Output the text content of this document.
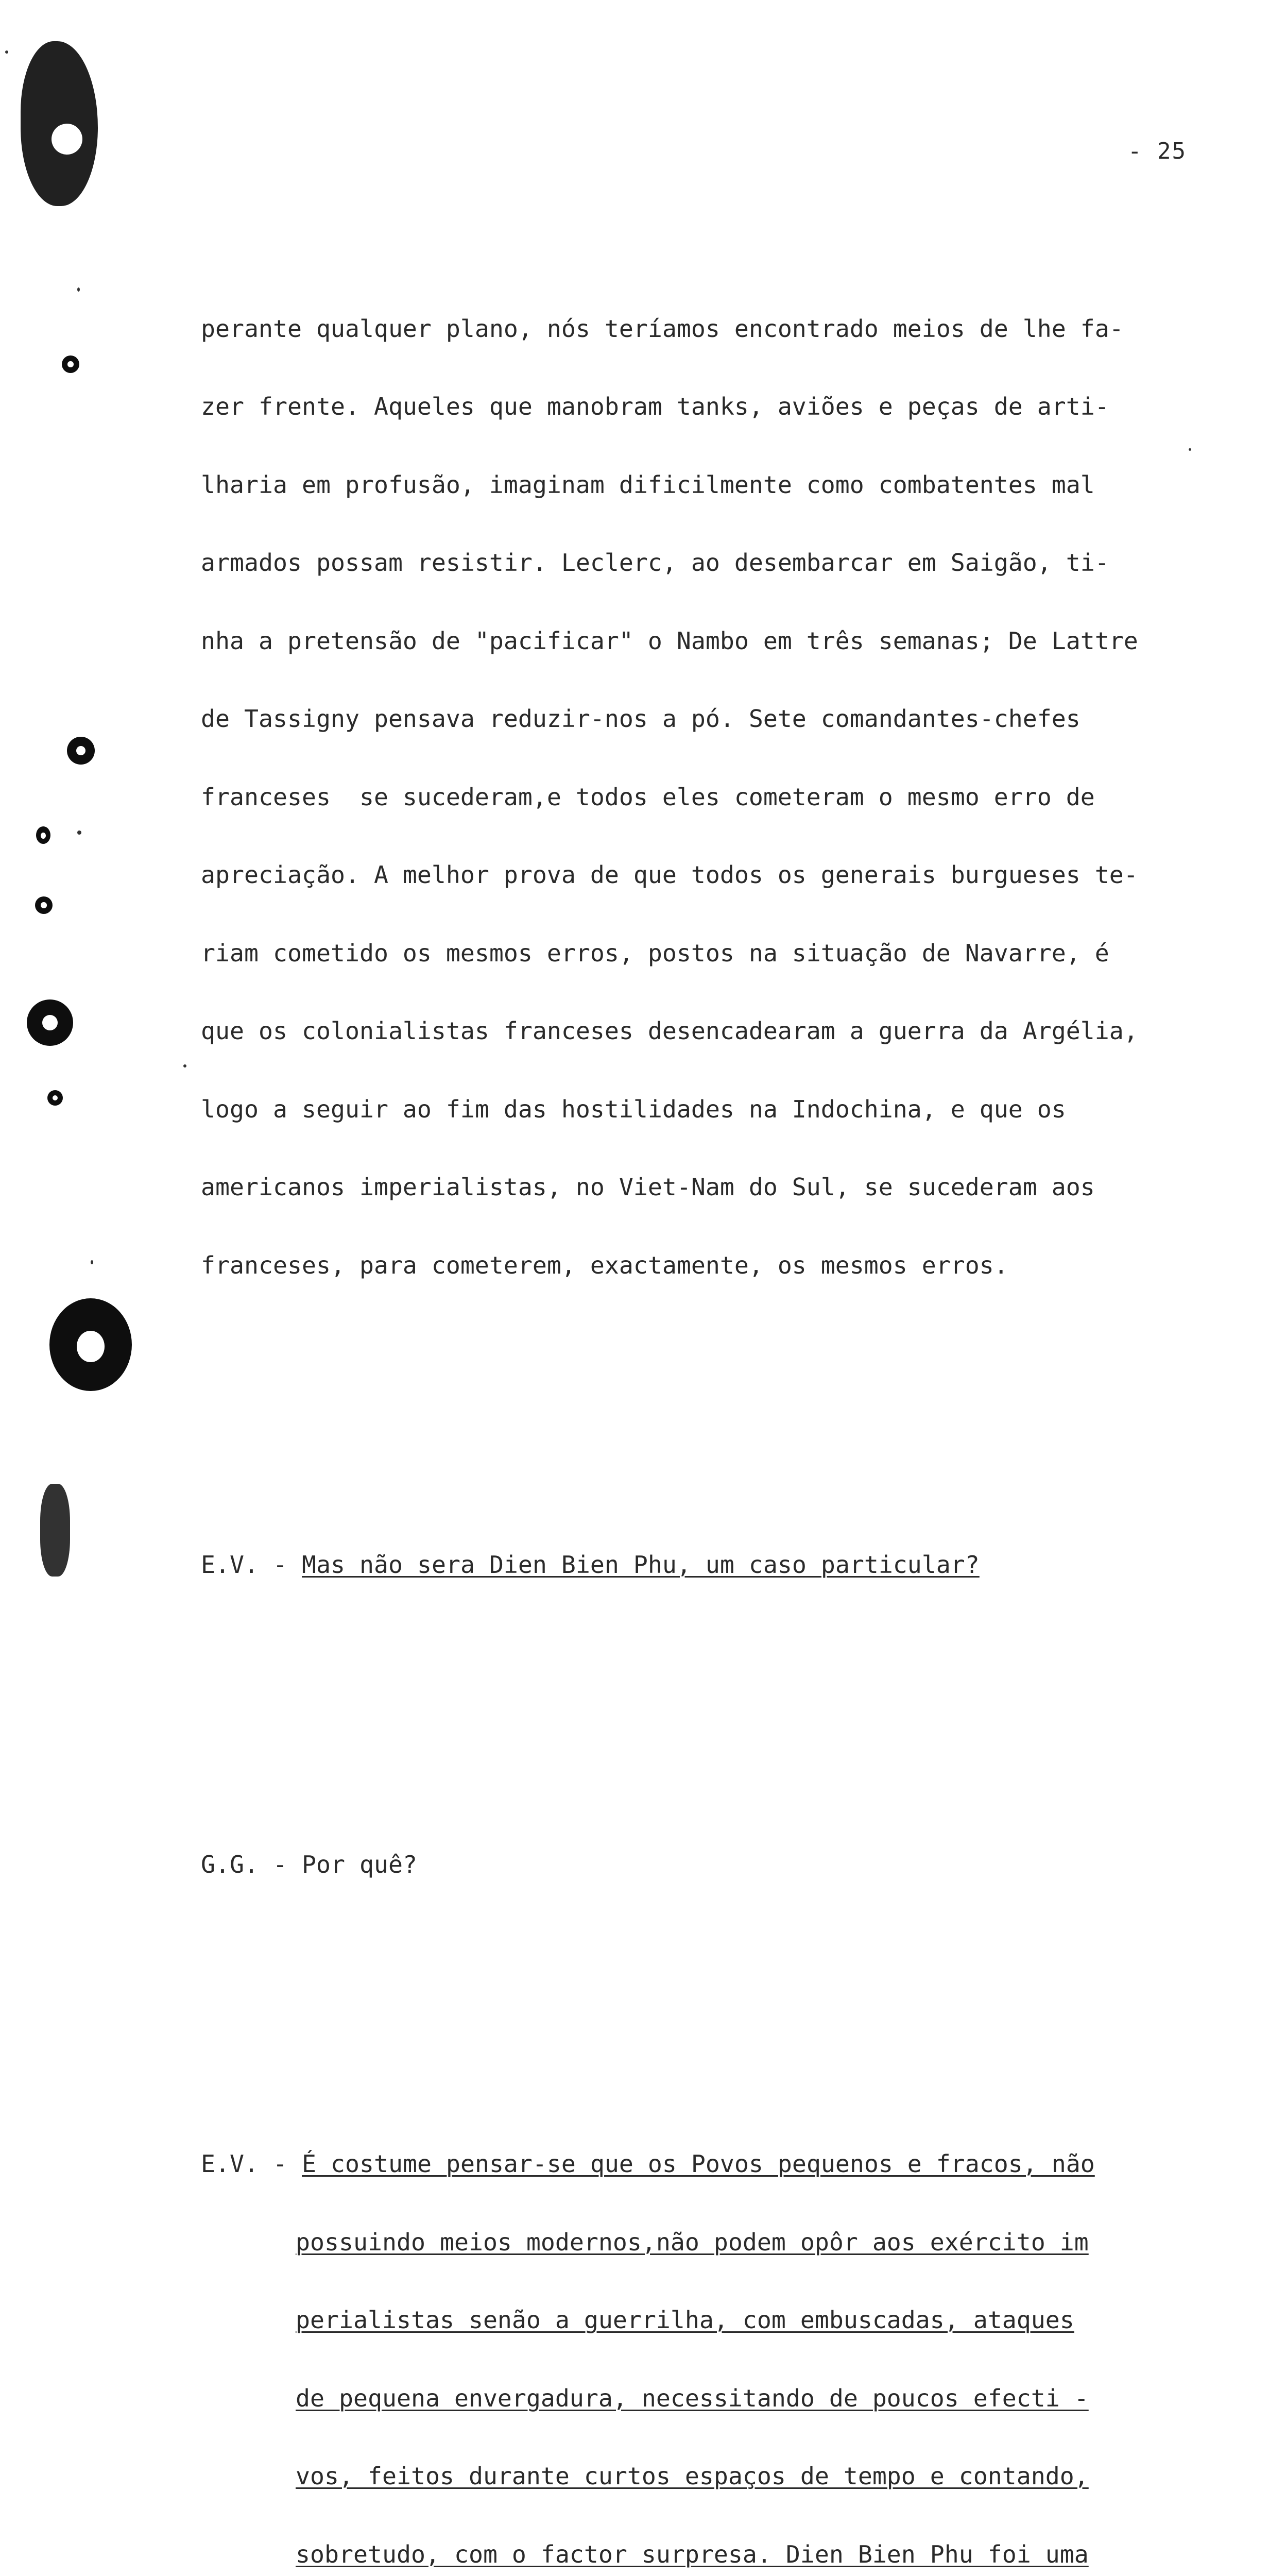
- 25

perante qualquer plano, nós teríamos encontrado meios de lhe fa-

zer frente. Aqueles que manobram tanks, aviões e peças de arti-

lharia em profusão, imaginam dificilmente como combatentes mal

armados possam resistir. Leclerc, ao desembarcar em Saigão, ti-

nha a pretensão de "pacificar" o Nambo em três semanas; De Lattre

de Tassigny pensava reduzir-nos a pó. Sete comandantes-chefes

franceses  se sucederam,e todos eles cometeram o mesmo erro de

apreciação. A melhor prova de que todos os generais burgueses te-

riam cometido os mesmos erros, postos na situação de Navarre, é

que os colonialistas franceses desencadearam a guerra da Argélia,

logo a seguir ao fim das hostilidades na Indochina, e que os

americanos imperialistas, no Viet-Nam do Sul, se sucederam aos

franceses, para cometerem, exactamente, os mesmos erros.

E.V. - Mas não sera Dien Bien Phu, um caso particular?

G.G. - Por quê?

E.V. - É costume pensar-se que os Povos pequenos e fracos, não

possuindo meios modernos,não podem opôr aos exército im

perialistas senão a guerrilha, com embuscadas, ataques

de pequena envergadura, necessitando de poucos efecti -

vos, feitos durante curtos espaços de tempo e contando,

sobretudo, com o factor surpresa. Dien Bien Phu foi uma
